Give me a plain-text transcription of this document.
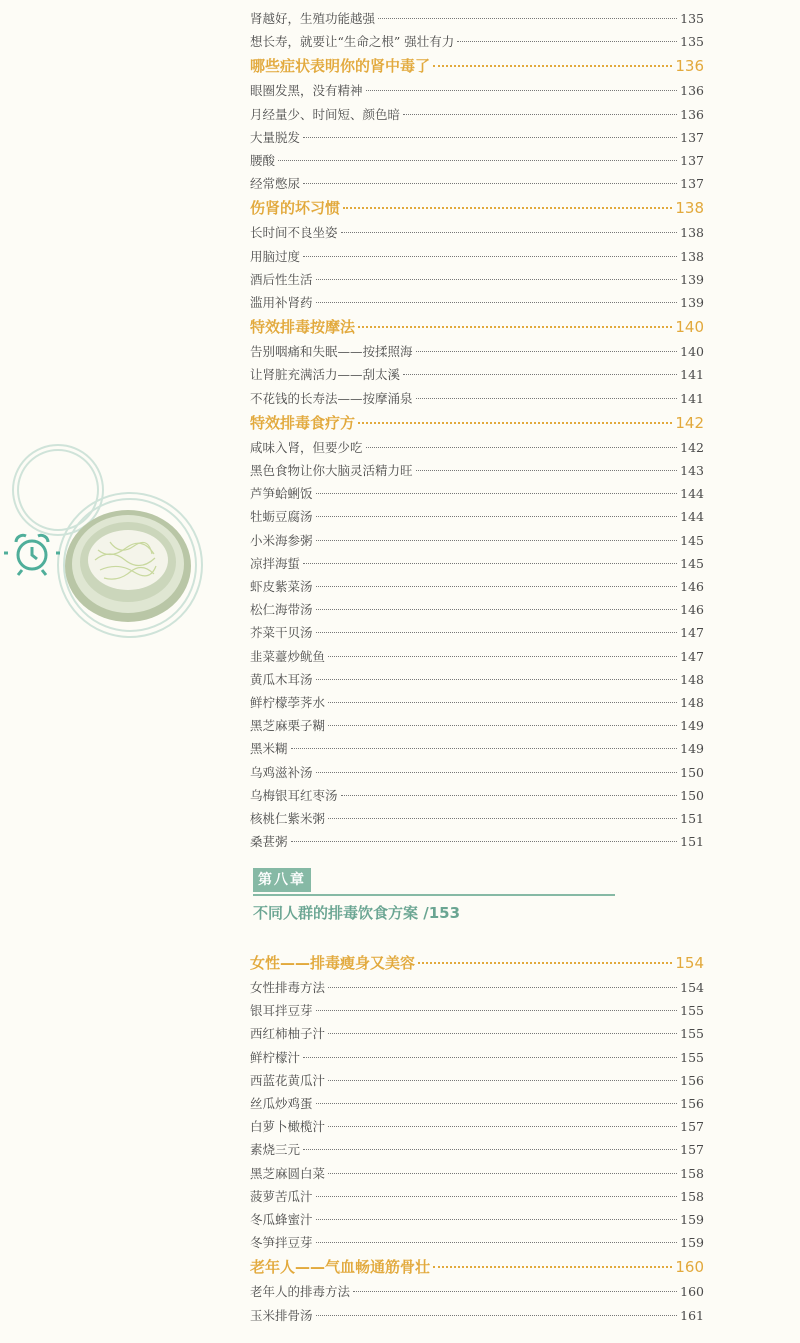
肾越好，生殖功能越强	135
想长寿，就要让“生命之根” 强壮有力	135
哪些症状表明你的肾中毒了	136
眼圈发黑，没有精神	136
月经量少、时间短、颜色暗	136
大量脱发	137
腰酸	137
经常憋尿	137
伤肾的坏习惯	138
长时间不良坐姿	138
用脑过度	138
酒后性生活	139
滥用补肾药	139
特效排毒按摩法	140
告别咽痛和失眠——按揉照海	140
让肾脏充满活力——刮太溪	141
不花钱的长寿法——按摩涌泉	141
特效排毒食疗方	142
咸味入肾，但要少吃	142
黑色食物让你大脑灵活精力旺	143
芦笋蛤蜊饭	144
牡蛎豆腐汤	144
小米海参粥	145
凉拌海蜇	145
虾皮紫菜汤	146
松仁海带汤	146
芥菜干贝汤	147
韭菜薹炒鱿鱼	147
黄瓜木耳汤	148
鲜柠檬荸荠水	148
黑芝麻栗子糊	149
黑米糊	149
乌鸡滋补汤	150
乌梅银耳红枣汤	150
核桃仁紫米粥	151
桑葚粥	151
女性——排毒瘦身又美容	154
女性排毒方法	154
银耳拌豆芽	155
西红柿柚子汁	155
鲜柠檬汁	155
西蓝花黄瓜汁	156
丝瓜炒鸡蛋	156
白萝卜橄榄汁	157
素烧三元	157
黑芝麻圆白菜	158
菠萝苦瓜汁	158
冬瓜蜂蜜汁	159
冬笋拌豆芽	159
老年人——气血畅通筋骨壮	160
老年人的排毒方法	160
玉米排骨汤	161
第八章
不同人群的排毒饮食方案 /153
